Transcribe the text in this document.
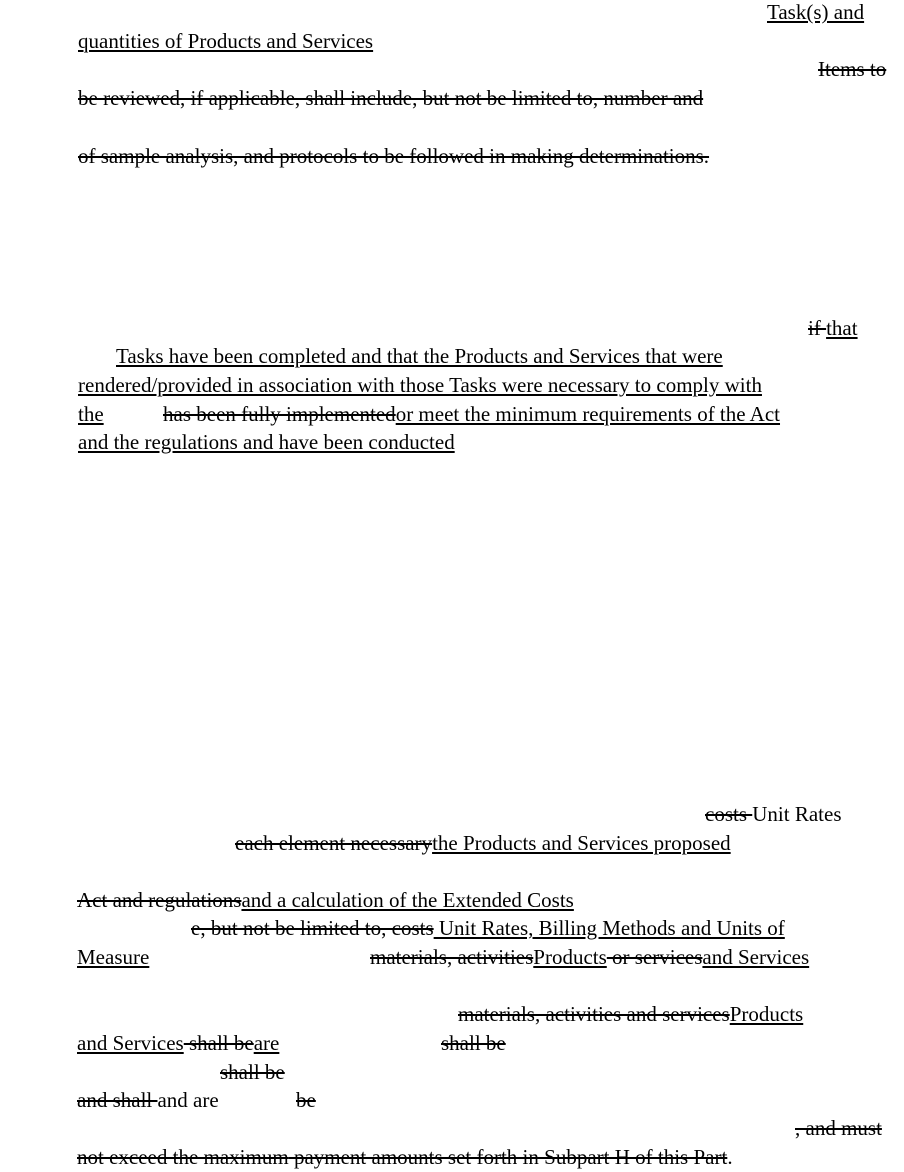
Task(s) and
quantities of Products and Services
Items to
be reviewed, if applicable, shall include, but not be limited to, number and
of sample analysis, and protocols to be followed in making determinations.
if that
Tasks have been completed and that the Products and Services that were
rendered/provided in association with those Tasks were necessary to comply with
the	has been fully implementedor meet the minimum requirements of the Act
and the regulations and have been conducted
costs Unit Rates
each element necessarythe Products and Services proposed
Act and regulationsand a calculation of the Extended Costs
e, but not be limited to, costs Unit Rates, Billing Methods and Units of
Measure	materials, activitiesProducts or servicesand Services
materials, activities and servicesProducts
and Services shall beare	shall be
shall be
and shall and are	be
, and must
not exceed the maximum payment amounts set forth in Subpart H of this Part.
